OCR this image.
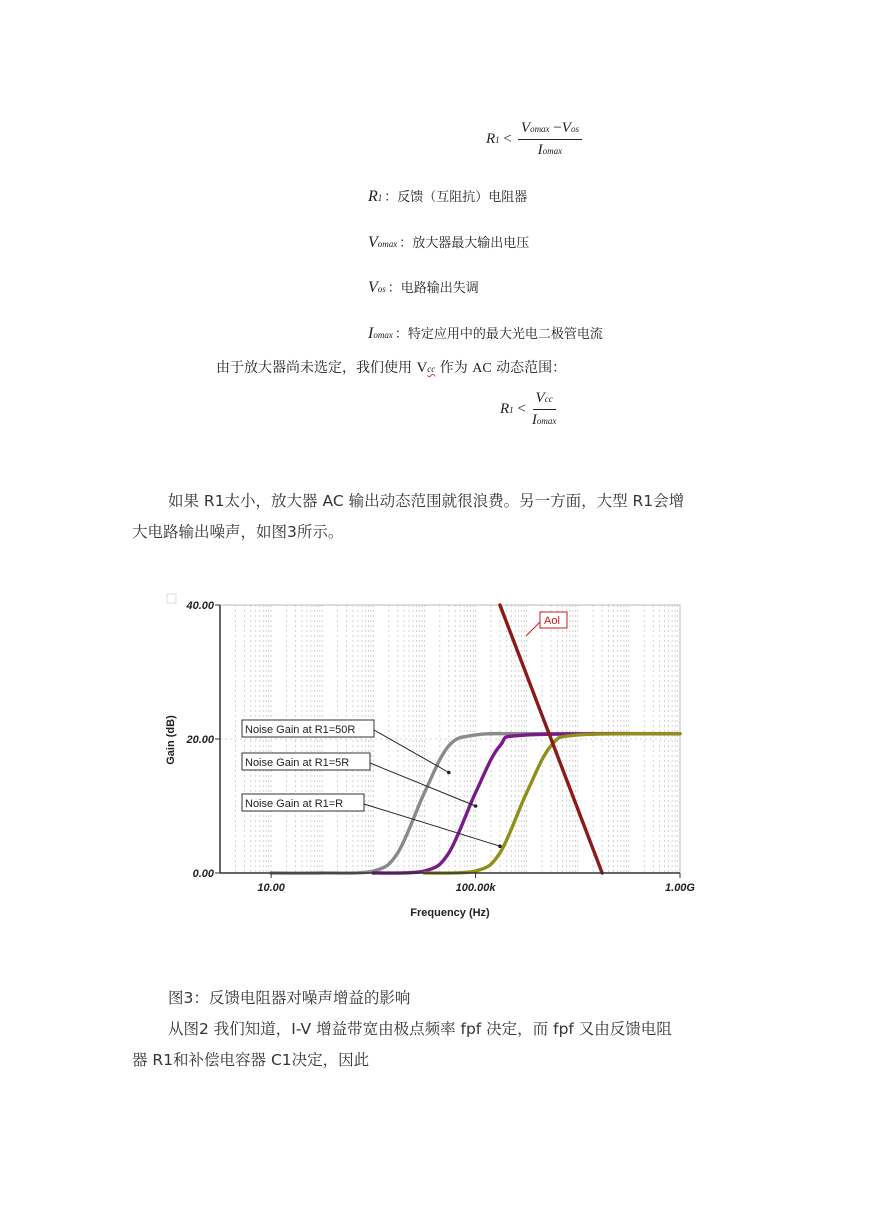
$R1 < \frac{\text{Vomax −Vos}}{Iomax}$
R 1 ：反馈（互阻抗）电阻器
V omax ：放大器最大输出电压
V os ：电路输出失调
I omax ：特定应用中的最大光电二极管电流
由于放大器尚未选定，我们使用 Vcc 作为 AC 动态范围：
$R1 < \frac{\text{Vcc}}{Iomax}$
如果 R1太小，放大器 AC 输出动态范围就很浪费。另一方面，大型 R1会增
大电路输出噪声，如图3所示。
0.00
20.00
40.00
10.00	100.00k	1.00G
Gain (dB)
Frequency (Hz)
Noise Gain at R1=50R
Noise Gain at R1=5R
Noise Gain at R1=R
Aol
图3：反馈电阻器对噪声增益的影响
从图2 我们知道，I-V 增益带宽由极点频率 fpf 决定，而 fpf 又由反馈电阻
器 R1和补偿电容器 C1决定，因此
